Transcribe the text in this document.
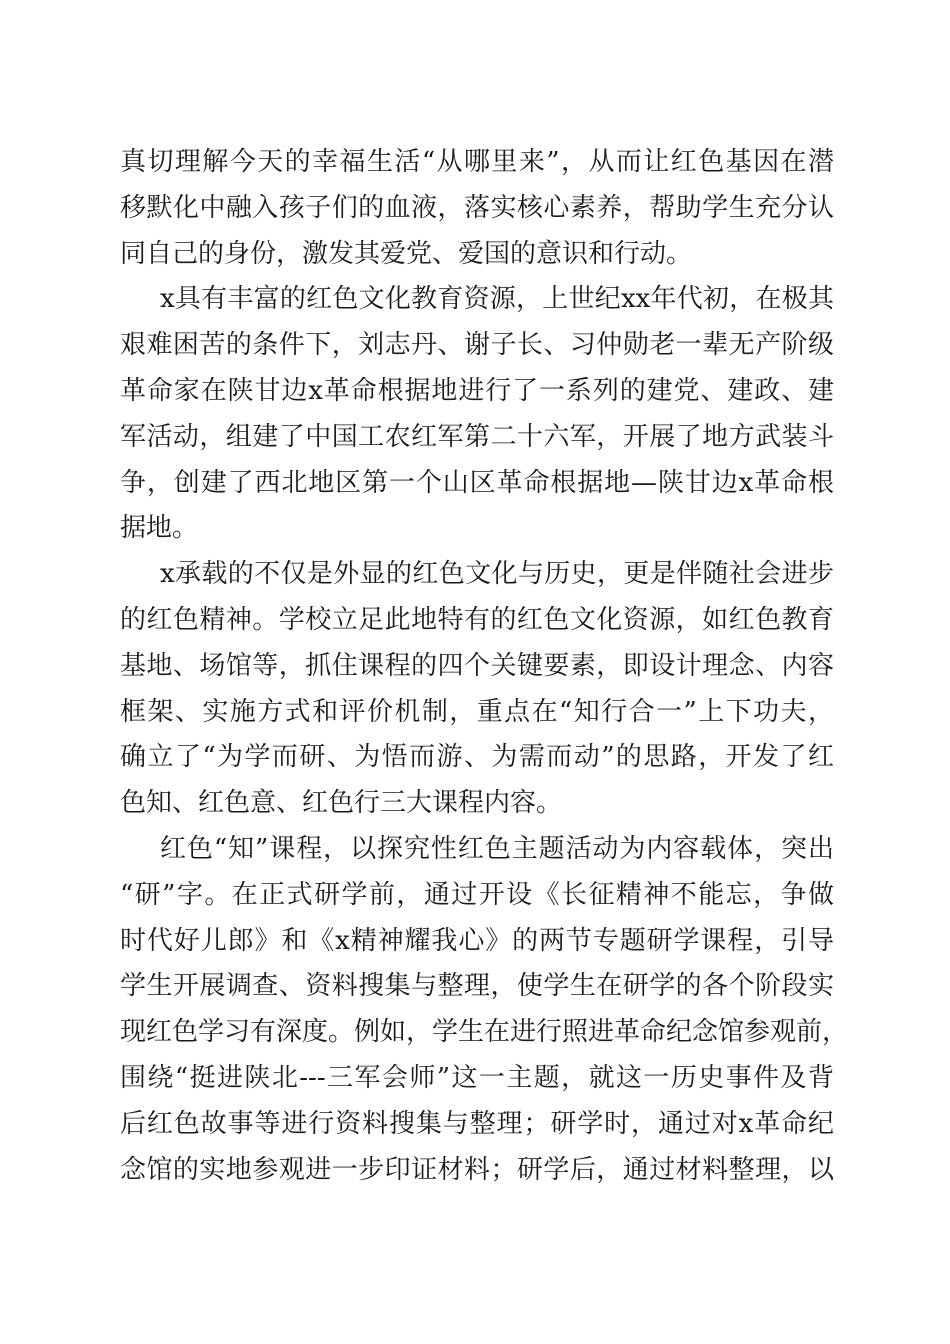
真切理解今天的幸福生活“从哪里来”，从而让红色基因在潜
移默化中融入孩子们的血液，落实核心素养，帮助学生充分认
同自己的身份，激发其爱党、爱国的意识和行动。
x具有丰富的红色文化教育资源，上世纪xx年代初，在极其
艰难困苦的条件下，刘志丹、谢子长、习仲勋老一辈无产阶级
革命家在陕甘边x革命根据地进行了一系列的建党、建政、建
军活动，组建了中国工农红军第二十六军，开展了地方武装斗
争，创建了西北地区第一个山区革命根据地—陕甘边x革命根
据地。
x承载的不仅是外显的红色文化与历史，更是伴随社会进步
的红色精神。学校立足此地特有的红色文化资源，如红色教育
基地、场馆等，抓住课程的四个关键要素，即设计理念、内容
框架、实施方式和评价机制，重点在“知行合一”上下功夫，
确立了“为学而研、为悟而游、为需而动”的思路，开发了红
色知、红色意、红色行三大课程内容。
红色“知”课程，以探究性红色主题活动为内容载体，突出
“研”字。在正式研学前，通过开设《长征精神不能忘，争做
时代好儿郎》和《x精神耀我心》的两节专题研学课程，引导
学生开展调查、资料搜集与整理，使学生在研学的各个阶段实
现红色学习有深度。例如，学生在进行照进革命纪念馆参观前，
围绕“挺进陕北---三军会师”这一主题，就这一历史事件及背
后红色故事等进行资料搜集与整理；研学时，通过对x革命纪
念馆的实地参观进一步印证材料；研学后，通过材料整理，以
